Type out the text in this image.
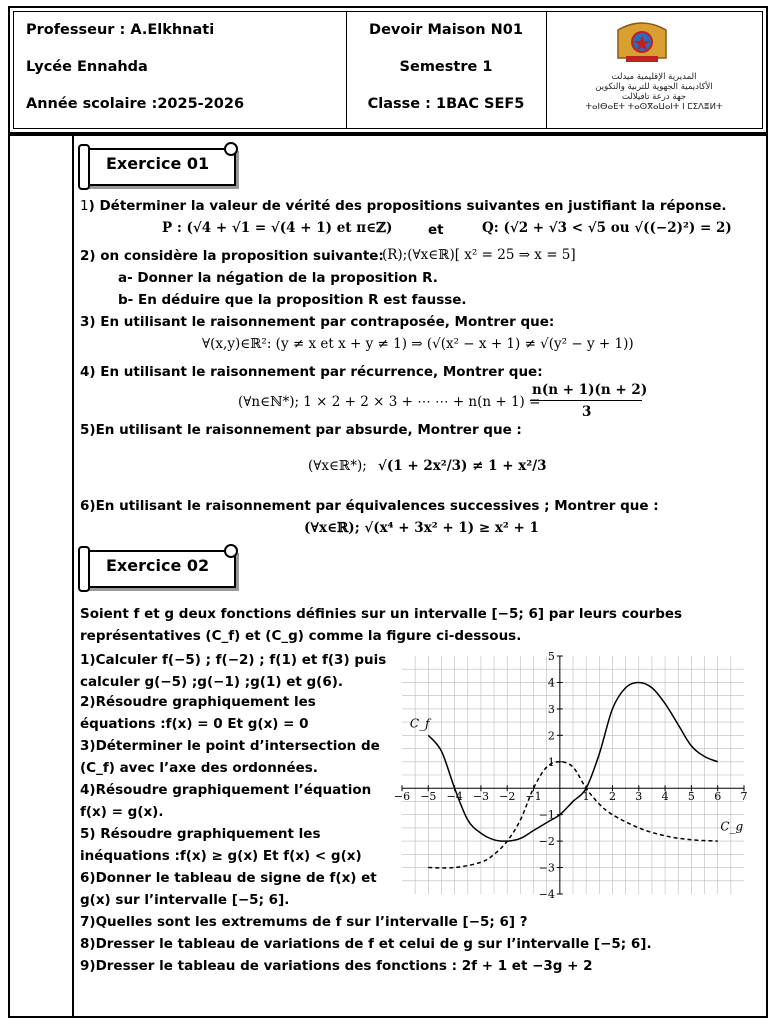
Professeur : A.Elkhnati
Lycée Ennahda
Année scolaire :2025-2026
Devoir Maison N01
Semestre 1
Classe : 1BAC SEF5
المديرية الإقليمية ميدلت
الأكاديمية الجهوية للتربية والتكوين
جهة درعة تافيلالت
ⵜⴰⵏⴱⴰⴹⵜ ⵜⴰⵙⴳⴰⵡⴰⵏⵜ ⵏ ⵎⵉⴷⴻⵍⵜ
Exercice 01
1) Déterminer la valeur de vérité des propositions suivantes en justifiant la réponse.
P : (√4 + √1 = √(4 + 1) et π∈ℤ)	et	Q: (√2 + √3 < √5 ou √((−2)²) = 2)
2) on considère la proposition suivante:
(R);(∀x∈ℝ)[ x² = 25 ⇒ x = 5]
a- Donner la négation de la proposition R.
b- En déduire que la proposition R est fausse.
3) En utilisant le raisonnement par contraposée, Montrer que:
∀(x,y)∈ℝ²: (y ≠ x et x + y ≠ 1) ⇒ (√(x² − x + 1) ≠ √(y² − y + 1))
4) En utilisant le raisonnement par récurrence, Montrer que:
(∀n∈ℕ*); 1 × 2 + 2 × 3 + ⋯ ⋯ + n(n + 1) =
n(n + 1)(n + 2)
3
5)En utilisant le raisonnement par absurde, Montrer que :
(∀x∈ℝ*); √(1 + 2x²/3) ≠ 1 + x²/3
6)En utilisant le raisonnement par équivalences successives ; Montrer que :
(∀x∈ℝ); √(x⁴ + 3x² + 1) ≥ x² + 1
Exercice 02
Soient f et g deux fonctions définies sur un intervalle [−5; 6] par leurs courbes
représentatives (C_f) et (C_g) comme la figure ci-dessous.
1)Calculer f(−5) ; f(−2) ; f(1) et f(3) puis
calculer g(−5) ;g(−1) ;g(1) et g(6).
2)Résoudre graphiquement les
équations :f(x) = 0 Et g(x) = 0
3)Déterminer le point d’intersection de
(C_f) avec l’axe des ordonnées.
4)Résoudre graphiquement l’équation
f(x) = g(x).
5) Résoudre graphiquement les
inéquations :f(x) ≥ g(x) Et f(x) < g(x)
6)Donner le tableau de signe de f(x) et
g(x) sur l’intervalle [−5; 6].
7)Quelles sont les extremums de f sur l’intervalle [−5; 6] ?
8)Dresser le tableau de variations de f et celui de g sur l’intervalle [−5; 6].
9)Dresser le tableau de variations des fonctions : 2f + 1 et −3g + 2
−6 −5 −4 −3 −2 −1	1 2 3 4 5 6 7
−4
−3
−2
−1
1
2
3
4
5
C_f
C_g
